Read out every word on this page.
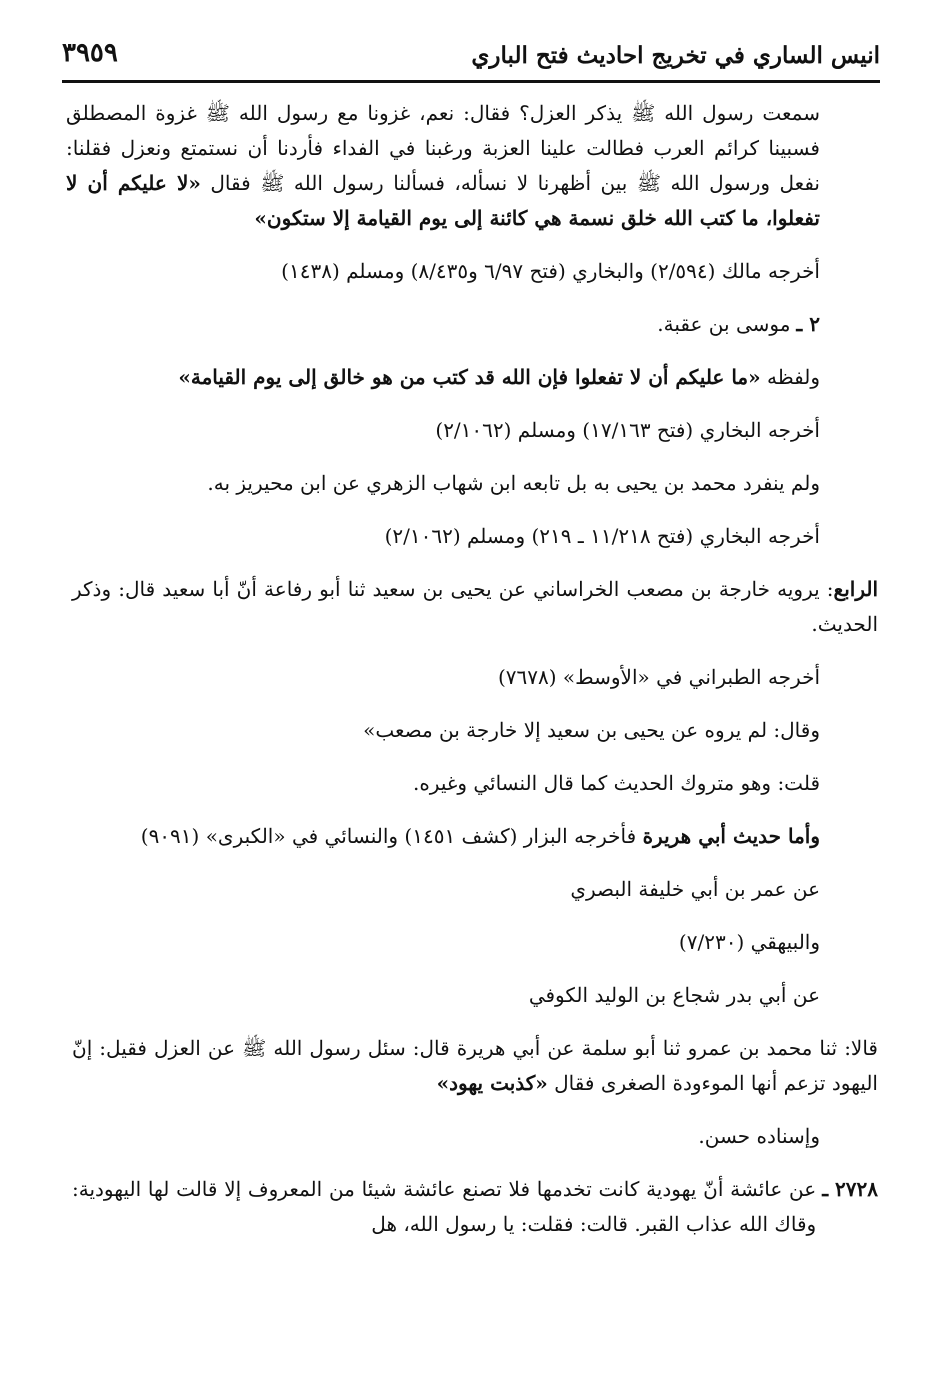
انيس الساري في تخريج احاديث فتح الباري
٣٩٥٩

سمعت رسول الله ﷺ يذكر العزل؟ فقال: نعم، غزونا مع رسول الله ﷺ غزوة المصطلق فسبينا كرائم العرب فطالت علينا العزبة ورغبنا في الفداء فأردنا أن نستمتع ونعزل فقلنا: نفعل ورسول الله ﷺ بين أظهرنا لا نسأله، فسألنا رسول الله ﷺ فقال «لا عليكم أن لا تفعلوا، ما كتب الله خلق نسمة هي كائنة إلى يوم القيامة إلا ستكون»

أخرجه مالك (٢/٥٩٤) والبخاري (فتح ٦/٩٧ و٨/٤٣٥) ومسلم (١٤٣٨)

٢ ـ
موسى بن عقبة.

ولفظه «ما عليكم أن لا تفعلوا فإن الله قد كتب من هو خالق إلى يوم القيامة»

أخرجه البخاري (فتح ١٧/١٦٣) ومسلم (٢/١٠٦٢)

ولم ينفرد محمد بن يحيى به بل تابعه ابن شهاب الزهري عن ابن محيريز به.

أخرجه البخاري (فتح ١١/٢١٨ ـ ٢١٩) ومسلم (٢/١٠٦٢)

الرابع: يرويه خارجة بن مصعب الخراساني عن يحيى بن سعيد ثنا أبو رفاعة أنّ أبا سعيد قال: وذكر الحديث.

أخرجه الطبراني في «الأوسط» (٧٦٧٨)

وقال: لم يروه عن يحيى بن سعيد إلا خارجة بن مصعب»

قلت: وهو متروك الحديث كما قال النسائي وغيره.

وأما حديث أبي هريرة فأخرجه البزار (كشف ١٤٥١) والنسائي في «الكبرى» (٩٠٩١)

عن عمر بن أبي خليفة البصري

والبيهقي (٧/٢٣٠)

عن أبي بدر شجاع بن الوليد الكوفي

قالا: ثنا محمد بن عمرو ثنا أبو سلمة عن أبي هريرة قال: سئل رسول الله ﷺ عن العزل فقيل: إنّ اليهود تزعم أنها الموءودة الصغرى فقال «كذبت يهود»

وإسناده حسن.

٢٧٢٨ ـ
عن عائشة أنّ يهودية كانت تخدمها فلا تصنع عائشة شيئا من المعروف إلا قالت لها اليهودية: وقاك الله عذاب القبر. قالت: فقلت: يا رسول الله، هل
